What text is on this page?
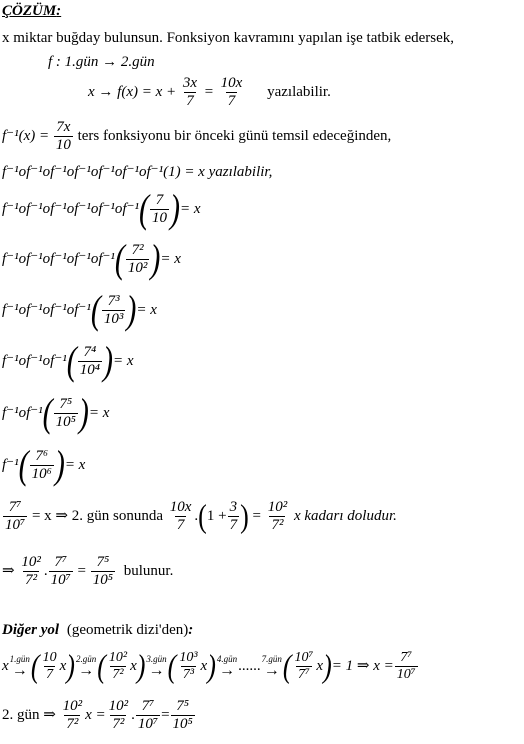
ÇÖZÜM:
x miktar buğday bulunsun. Fonksiyon kavramını yapılan işe tatbik edersek,
f : 1.gün → 2.gün
$x \to f(x) = x + \frac{3x}{7} = \frac{10x}{7}$ yazılabilir.
$f^{-1}(x) = \frac{7x}{10}$ ters fonksiyonu bir önceki günü temsil edeceğinden,
f⁻¹of⁻¹of⁻¹of⁻¹of⁻¹of⁻¹of⁻¹(1) = x yazılabilir,
$f^{-1}of^{-1}of^{-1}of^{-1}of^{-1}of^{-1}( \frac{7}{10}$ )= x
$f^{-1}of^{-1}of^{-1}of^{-1}of^{-1}( \frac{\text{7²}}{\text{10²}}$ )= x
$f^{-1}of^{-1}of^{-1}of^{-1}( \frac{\text{7³}}{\text{10³}}$ )= x
$f^{-1}of^{-1}of^{-1}( \frac{\text{7⁴}}{\text{10⁴}}$ )= x
$f^{-1}of^{-1}( \frac{\text{7⁵}}{\text{10⁵}}$ )= x
$f^{-1}( \frac{\text{7⁶}}{\text{10⁶}}$ )= x
$\frac{\text{7⁷}}{\text{10⁷}} = x$ ⇒ 2. gün sonunda $\frac{10x}{7} .(1 + \frac{3}{7}$ ) = $\frac{\text{10²}}{\text{7²}}$ x kadarı doludur.
⇒ $\frac{\text{10²}}{\text{7²}}$ . $\frac{\text{7⁷}}{\text{10⁷}} = \frac{\text{7⁵}}{\text{10⁵}}$ bulunur.
Diğer yol (geometrik dizi'den):
x 1.gün
→ ( $\frac{10}{7} x$) 2.gün
→ ( $\frac{\text{10²}}{\text{7²}} x$) 3.gün
→ ( $\frac{\text{10³}}{\text{7³}} x$) 4.gün
→ ...... 7.gün
→ ( $\frac{\text{10⁷}}{\text{7⁷}} x)= 1$ ⇒ $x = \frac{\text{7⁷}}{\text{10⁷}}$
2. gün ⇒ $\frac{\text{10²}}{\text{7²}}$ $x = \frac{\text{10²}}{\text{7²}}$ . $\frac{\text{7⁷}}{\text{10⁷}} = \frac{\text{7⁵}}{\text{10⁵}}$
